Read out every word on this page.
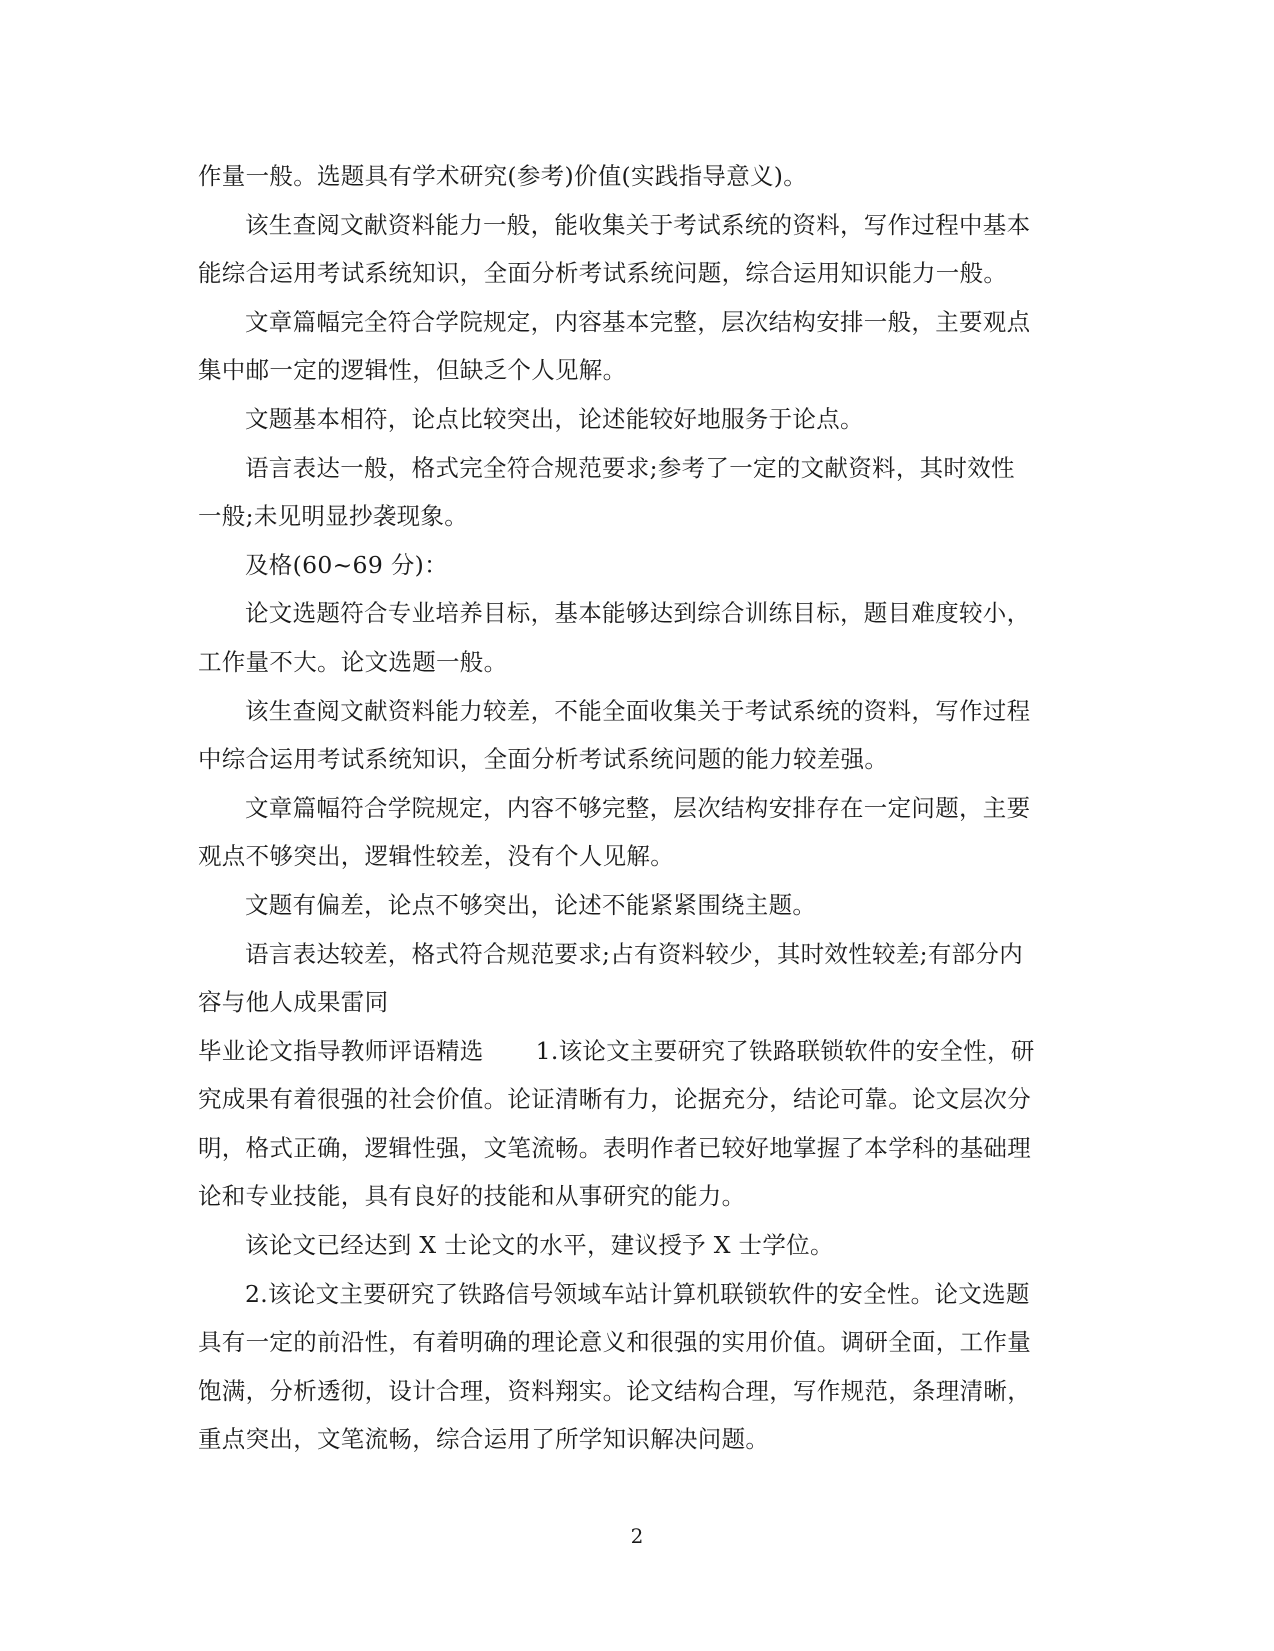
作量一般。选题具有学术研究(参考)价值(实践指导意义)。
该生查阅文献资料能力一般，能收集关于考试系统的资料，写作过程中基本
能综合运用考试系统知识，全面分析考试系统问题，综合运用知识能力一般。
文章篇幅完全符合学院规定，内容基本完整，层次结构安排一般，主要观点
集中邮一定的逻辑性，但缺乏个人见解。
文题基本相符，论点比较突出，论述能较好地服务于论点。
语言表达一般，格式完全符合规范要求;参考了一定的文献资料，其时效性
一般;未见明显抄袭现象。
及格(60~69 分)：
论文选题符合专业培养目标，基本能够达到综合训练目标，题目难度较小，
工作量不大。论文选题一般。
该生查阅文献资料能力较差，不能全面收集关于考试系统的资料，写作过程
中综合运用考试系统知识，全面分析考试系统问题的能力较差强。
文章篇幅符合学院规定，内容不够完整，层次结构安排存在一定问题，主要
观点不够突出，逻辑性较差，没有个人见解。
文题有偏差，论点不够突出，论述不能紧紧围绕主题。
语言表达较差，格式符合规范要求;占有资料较少，其时效性较差;有部分内
容与他人成果雷同
毕业论文指导教师评语精选 1.该论文主要研究了铁路联锁软件的安全性，研
究成果有着很强的社会价值。论证清晰有力，论据充分，结论可靠。论文层次分
明，格式正确，逻辑性强，文笔流畅。表明作者已较好地掌握了本学科的基础理
论和专业技能，具有良好的技能和从事研究的能力。
该论文已经达到 X 士论文的水平，建议授予 X 士学位。
2.该论文主要研究了铁路信号领域车站计算机联锁软件的安全性。论文选题
具有一定的前沿性，有着明确的理论意义和很强的实用价值。调研全面，工作量
饱满，分析透彻，设计合理，资料翔实。论文结构合理，写作规范，条理清晰，
重点突出，文笔流畅，综合运用了所学知识解决问题。
2
